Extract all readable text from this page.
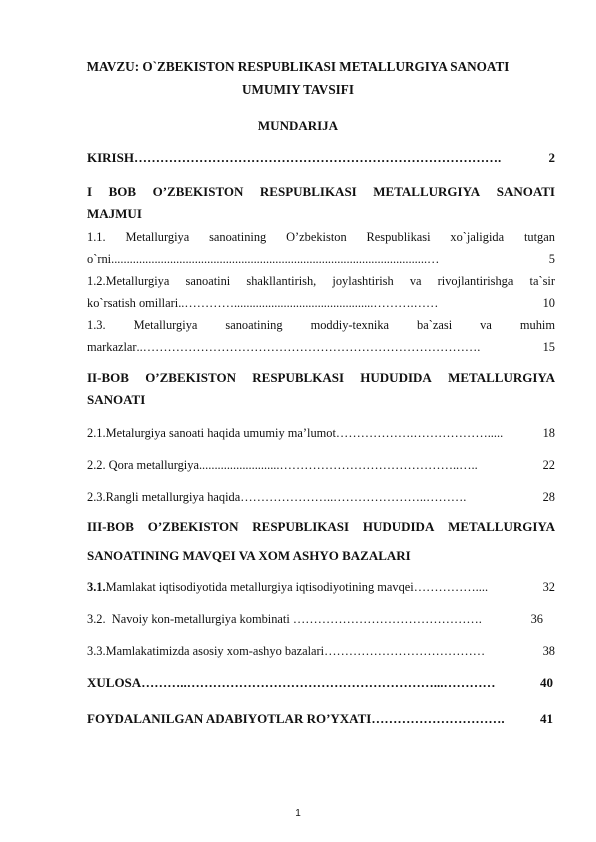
MAVZU: O`ZBEKISTON RESPUBLIKASI METALLURGIYA SANOATI
UMUMIY TAVSIFI
MUNDARIJA
KIRISH ………………………………………………………………………….	2
I BOB O’ZBEKISTON RESPUBLIKASI METALLURGIYA SANOATI
MAJMUI
1.1. Metallurgiya sanoatining O’zbekiston Respublikasi xo`jaligida tutgan
o`rni ......................................................................................................…	5
1.2.Metallurgiya sanoatini shakllantirish, joylashtirish va rivojlantirishga ta`sir
ko`rsatish omillari ..………….............................................……….……	10
1.3. Metallurgiya sanoatining moddiy-texnika ba`zasi va muhim
markazlar ..……………………………………………………………………….	15
II-BOB O’ZBEKISTON RESPUBLKASI HUDUDIDA METALLURGIYA
SANOATI
2.1.Metalurgiya sanoati haqida umumiy ma’lumot ……………….……………….....	18
2.2. Qora metallurgiya ..........................……………………………………..…..	22
2.3.Rangli metallurgiya haqida …………………..…………………..……….	28
III-BOB O’ZBEKISTON RESPUBLIKASI HUDUDIDA METALLURGIYA
SANOATINING MAVQEI VA XOM ASHYO BAZALARI
3.1. Mamlakat iqtisodiyotida metallurgiya iqtisodiyotining mavqei ……………....	32
3.2.  Navoiy kon-metallurgiya kombinati ……………………………………….	36
3.3.Mamlakatimizda asosiy xom-ashyo bazalari …………………………………	38
XULOSA ………..…………………………………………………...…………	40
FOYDALANILGAN ADABIYOTLAR RO’YXATI ………………………….	41
1
